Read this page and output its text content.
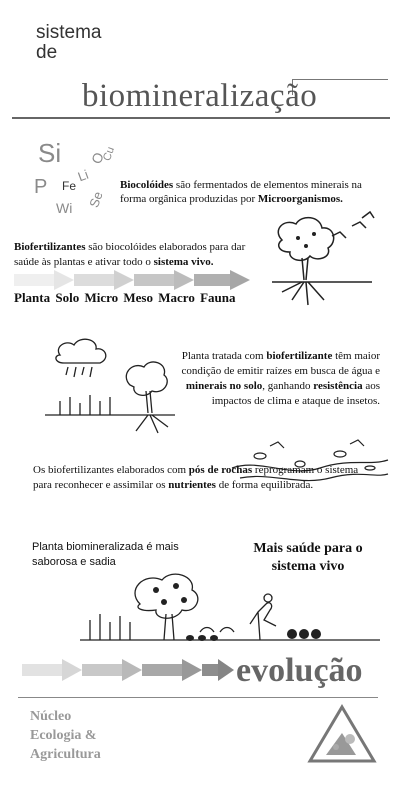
sistema
de
biomineralização
Si O
Cu
Li
Fe
P
Wi Se
Biocolóides são fermentados de elementos minerais na forma orgânica produzidas por Microorganismos.
Biofertilizantes são biocolóides elaborados para dar saúde às plantas e ativar todo o sistema vivo.
Planta Solo Micro Meso Macro Fauna
Planta tratada com biofertilizante têm maior condição de emitir raízes em busca de água e minerais no solo, ganhando resistência aos impactos de clima e ataque de insetos.
Os biofertilizantes elaborados com pós de rochas reprogramam o sistema para reconhecer e assimilar os nutrientes de forma equilibrada.
Planta biomineralizada é mais saborosa e sadia
Mais saúde para o sistema vivo
evolução
Núcleo
Ecologia &
Agricultura
